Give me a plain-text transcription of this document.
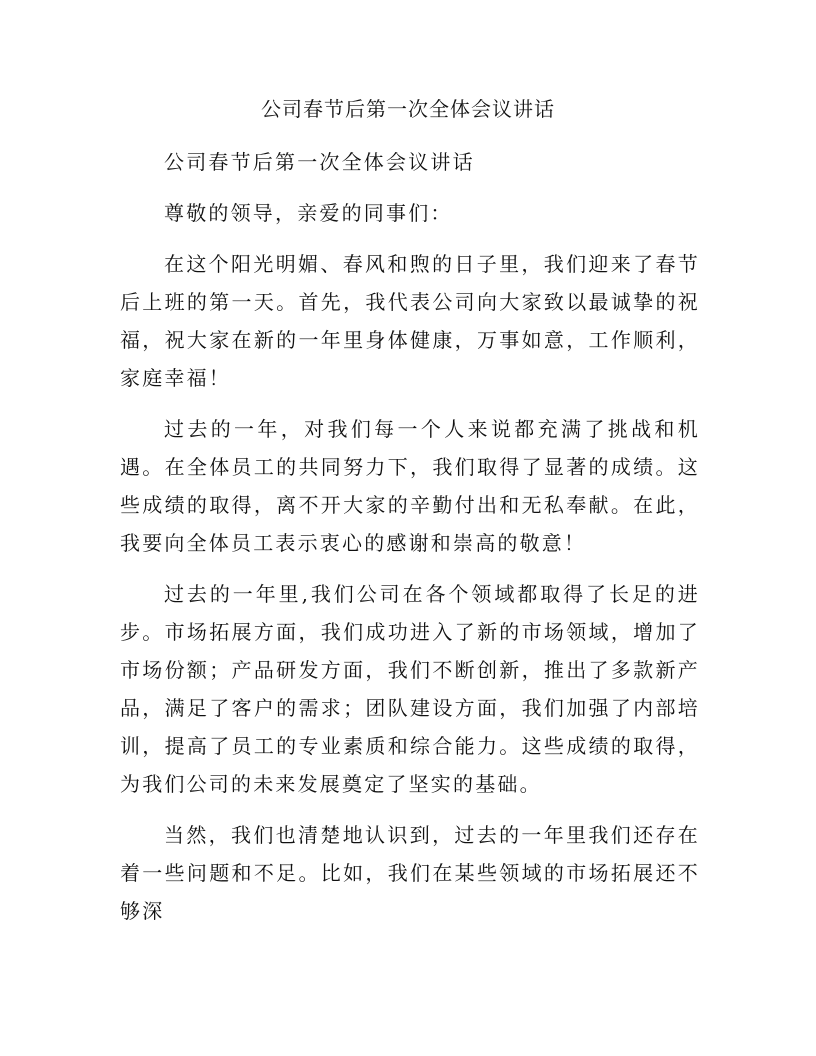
公司春节后第一次全体会议讲话

公司春节后第一次全体会议讲话

尊敬的领导，亲爱的同事们：

在这个阳光明媚、春风和煦的日子里，我们迎来了春节后上班的第一天。首先，我代表公司向大家致以最诚挚的祝福，祝大家在新的一年里身体健康，万事如意，工作顺利，家庭幸福！

过去的一年，对我们每一个人来说都充满了挑战和机遇。在全体员工的共同努力下，我们取得了显著的成绩。这些成绩的取得，离不开大家的辛勤付出和无私奉献。在此，我要向全体员工表示衷心的感谢和崇高的敬意！

过去的一年里,我们公司在各个领域都取得了长足的进步。市场拓展方面，我们成功进入了新的市场领域，增加了市场份额；产品研发方面，我们不断创新，推出了多款新产品，满足了客户的需求；团队建设方面，我们加强了内部培训，提高了员工的专业素质和综合能力。这些成绩的取得，为我们公司的未来发展奠定了坚实的基础。

当然，我们也清楚地认识到，过去的一年里我们还存在着一些问题和不足。比如，我们在某些领域的市场拓展还不够深
